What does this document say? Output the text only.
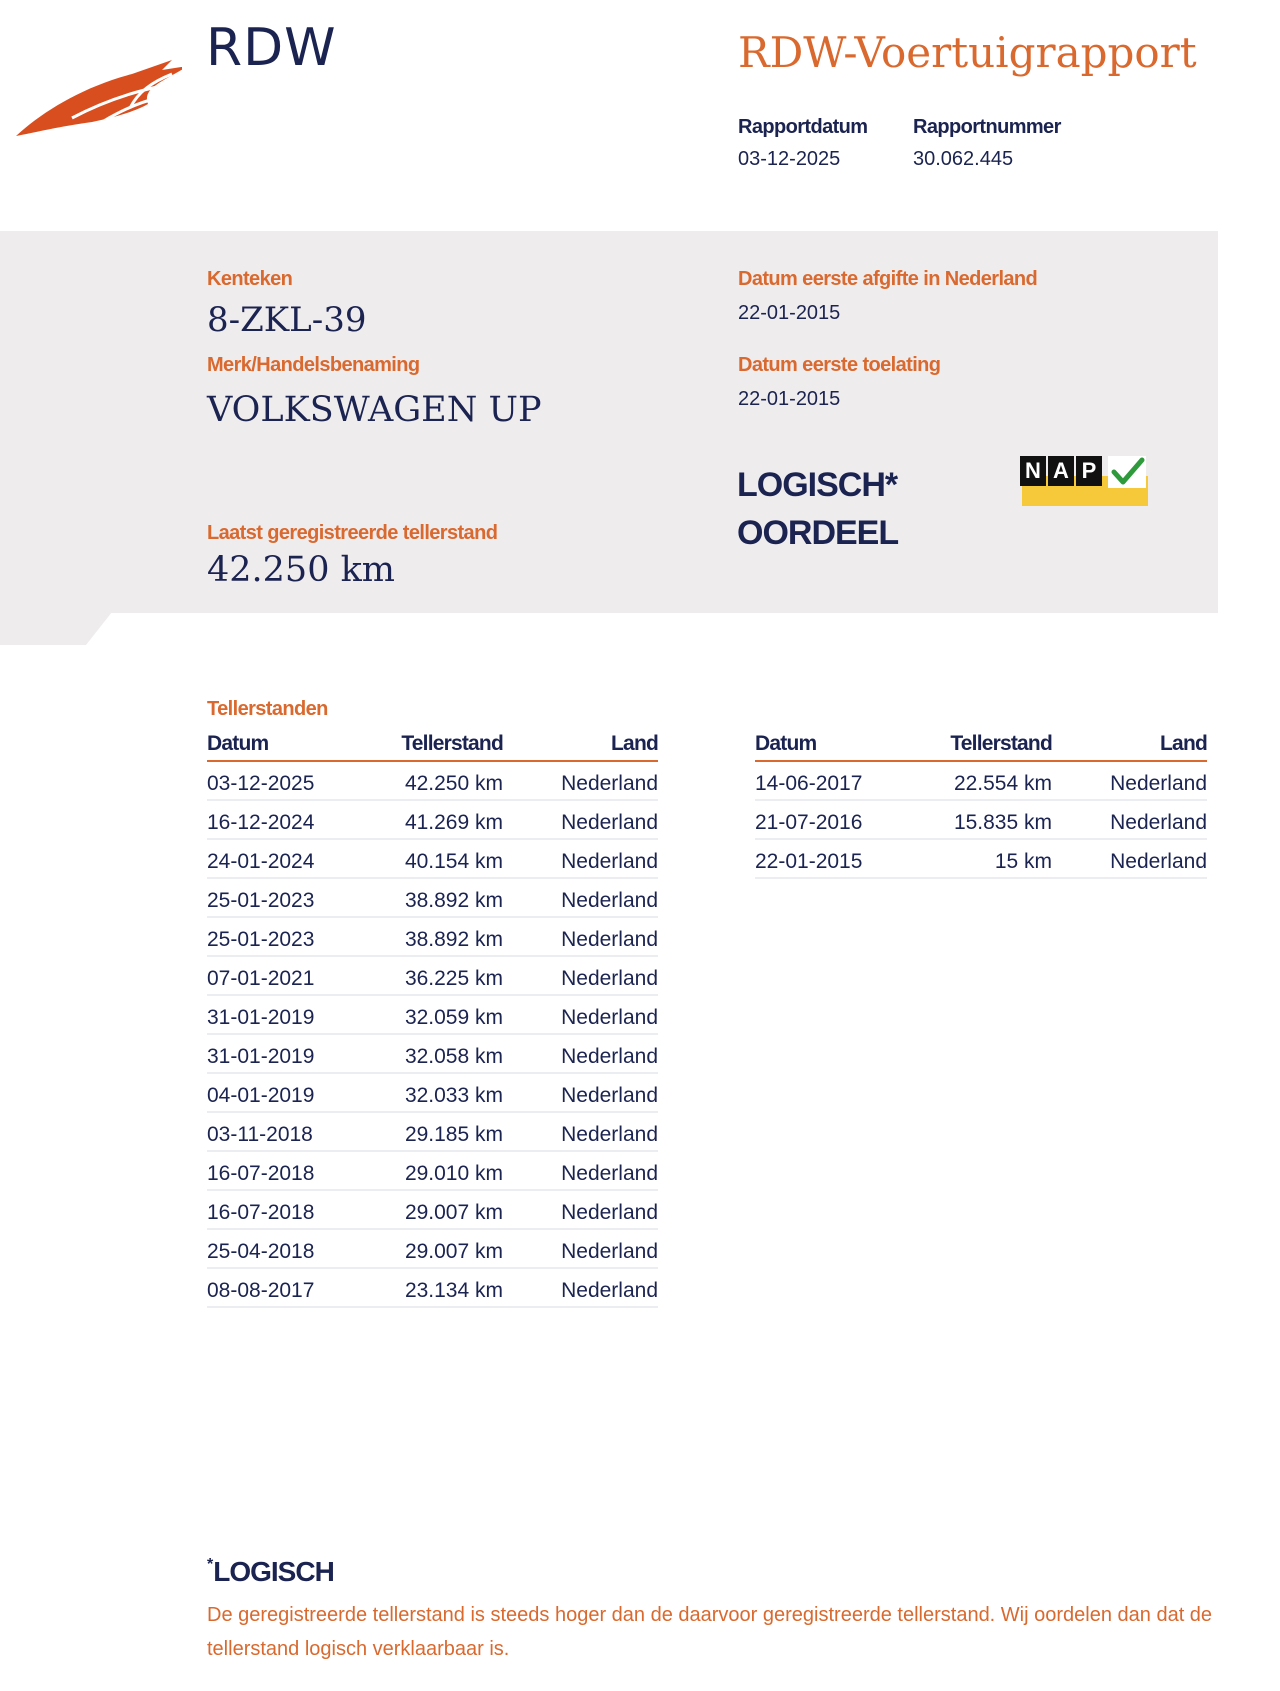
RDW	RDW-Voertuigrapport
Rapportdatum
03-12-2025
Rapportnummer
30.062.445
Kenteken
8-ZKL-39
Merk/Handelsbenaming
VOLKSWAGEN UP
Laatst geregistreerde tellerstand
42.250 km
Datum eerste afgifte in Nederland
22-01-2015
Datum eerste toelating
22-01-2015
LOGISCH*
OORDEEL
N A P
Tellerstanden
Datum	Tellerstand	Land
03-12-2025	42.250 km	Nederland
16-12-2024	41.269 km	Nederland
24-01-2024	40.154 km	Nederland
25-01-2023	38.892 km	Nederland
25-01-2023	38.892 km	Nederland
07-01-2021	36.225 km	Nederland
31-01-2019	32.059 km	Nederland
31-01-2019	32.058 km	Nederland
04-01-2019	32.033 km	Nederland
03-11-2018	29.185 km	Nederland
16-07-2018	29.010 km	Nederland
16-07-2018	29.007 km	Nederland
25-04-2018	29.007 km	Nederland
08-08-2017	23.134 km	Nederland
Datum	Tellerstand	Land
14-06-2017	22.554 km	Nederland
21-07-2016	15.835 km	Nederland
22-01-2015	15 km	Nederland
*LOGISCH
De geregistreerde tellerstand is steeds hoger dan de daarvoor geregistreerde tellerstand. Wij oordelen dan dat de tellerstand logisch verklaarbaar is.
